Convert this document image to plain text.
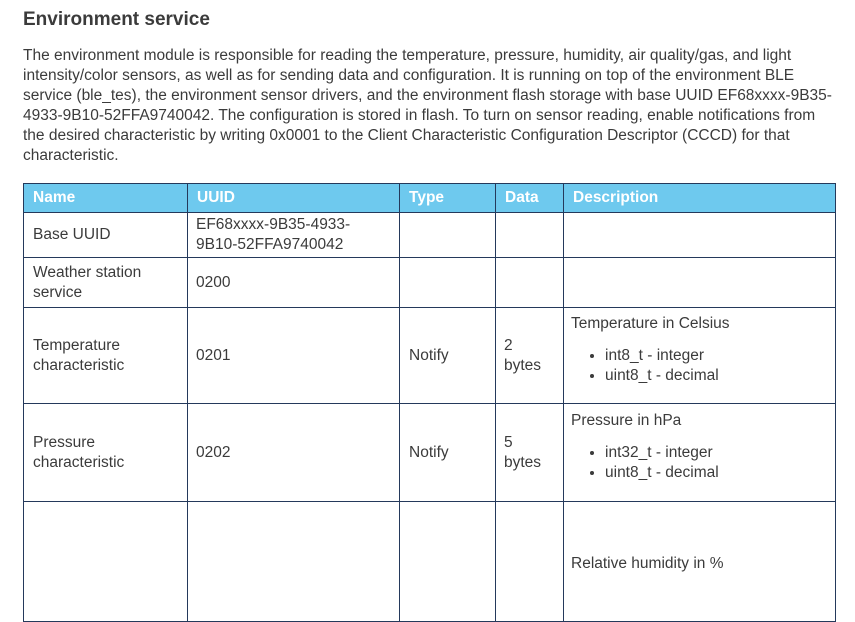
Environment service

The environment module is responsible for reading the temperature, pressure, humidity, air quality/gas, and light intensity/color sensors, as well as for sending data and configuration. It is running on top of the environment BLE service (ble_tes), the environment sensor drivers, and the environment flash storage with base UUID EF68xxxx-9B35-4933-9B10-52FFA9740042. The configuration is stored in flash. To turn on sensor reading, enable notifications from the desired characteristic by writing 0x0001 to the Client Characteristic Configuration Descriptor (CCCD) for that characteristic.

Name	UUID	Type	Data	Description
Base UUID	EF68xxxx-9B35-4933-9B10-52FFA9740042			
Weather station service	0200			
Temperature characteristic	0201	Notify	2 bytes	
Temperature in Celsius
• int8_t - integer
• uint8_t - decimal

Pressure characteristic	0202	Notify	5 bytes	
Pressure in hPa
• int32_t - integer
• uint8_t - decimal

				Relative humidity in %
